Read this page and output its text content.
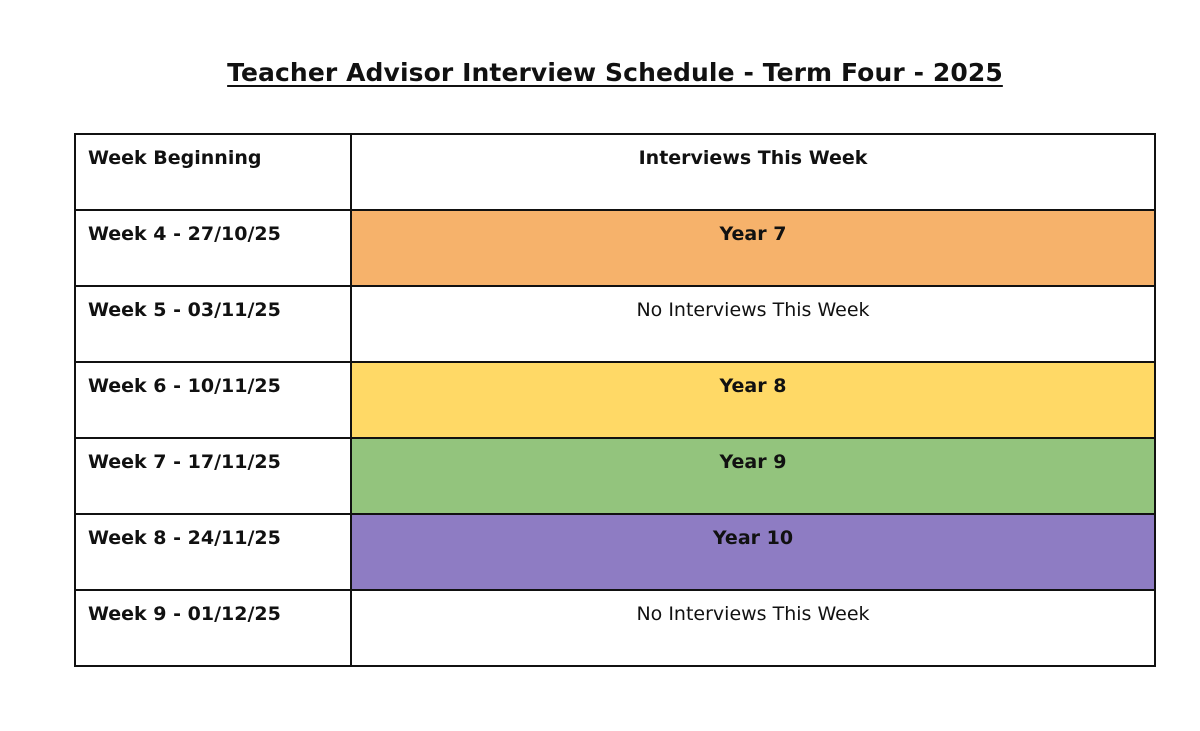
Teacher Advisor Interview Schedule - Term Four - 2025
Week Beginning	Interviews This Week
Week 4 - 27/10/25	Year 7
Week 5 - 03/11/25	No Interviews This Week
Week 6 - 10/11/25	Year 8
Week 7 - 17/11/25	Year 9
Week 8 - 24/11/25	Year 10
Week 9 - 01/12/25	No Interviews This Week
